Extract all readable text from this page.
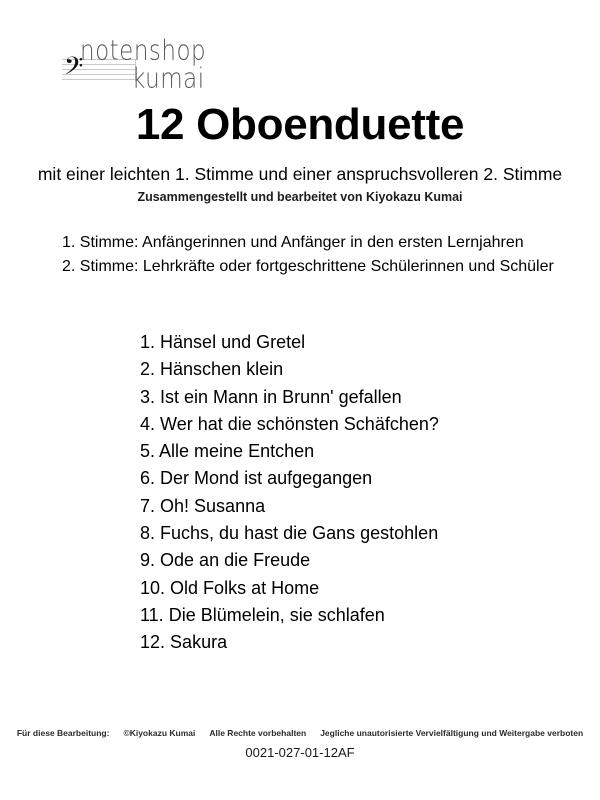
𝄢
notenshop
kumai
12 Oboenduette
mit einer leichten 1. Stimme und einer anspruchsvolleren 2. Stimme
Zusammengestellt und bearbeitet von Kiyokazu Kumai
1. Stimme: Anfängerinnen und Anfänger in den ersten Lernjahren
2. Stimme: Lehrkräfte oder fortgeschrittene Schülerinnen und Schüler
1. Hänsel und Gretel
2. Hänschen klein
3. Ist ein Mann in Brunn' gefallen
4. Wer hat die schönsten Schäfchen?
5. Alle meine Entchen
6. Der Mond ist aufgegangen
7. Oh! Susanna
8. Fuchs, du hast die Gans gestohlen
9. Ode an die Freude
10. Old Folks at Home
11. Die Blümelein, sie schlafen
12. Sakura
Für diese Bearbeitung: ©Kiyokazu Kumai Alle Rechte vorbehalten Jegliche unautorisierte Vervielfältigung und Weitergabe verboten
0021-027-01-12AF
